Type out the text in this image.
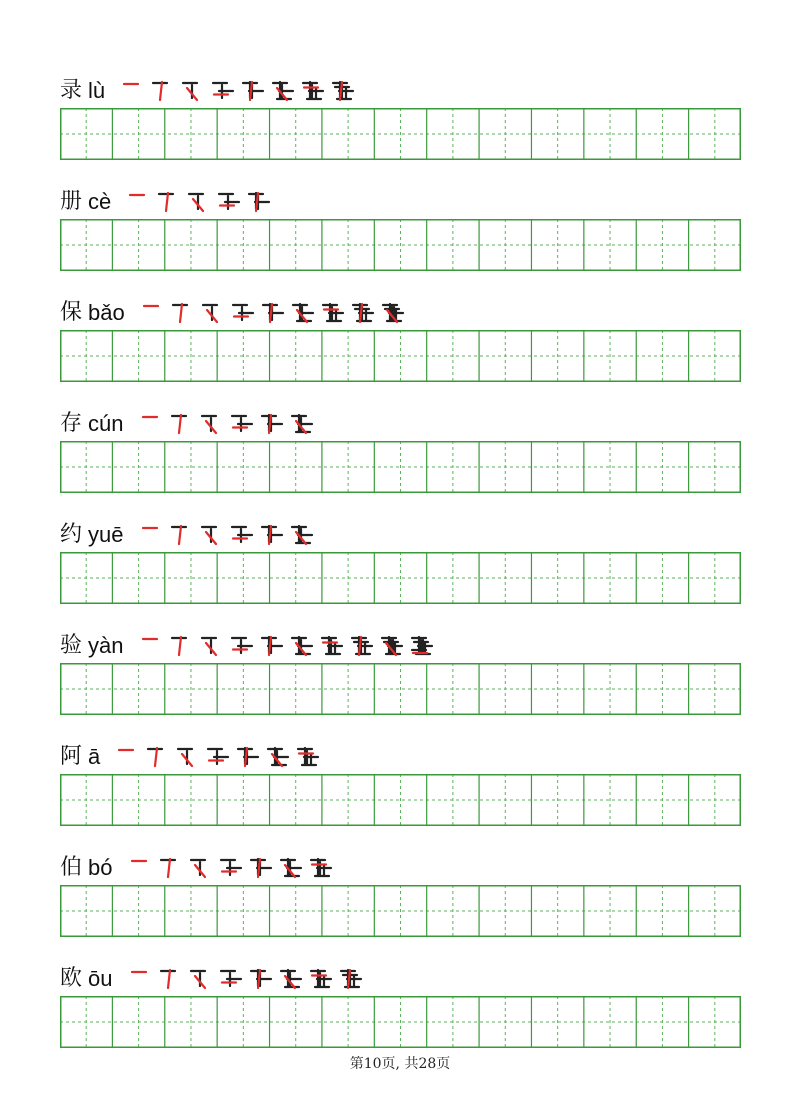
录 lù
册 cè
保 bǎo
存 cún
约 yuē
验 yàn
阿 ā
伯 bó
欧 ōu
第10页, 共28页
